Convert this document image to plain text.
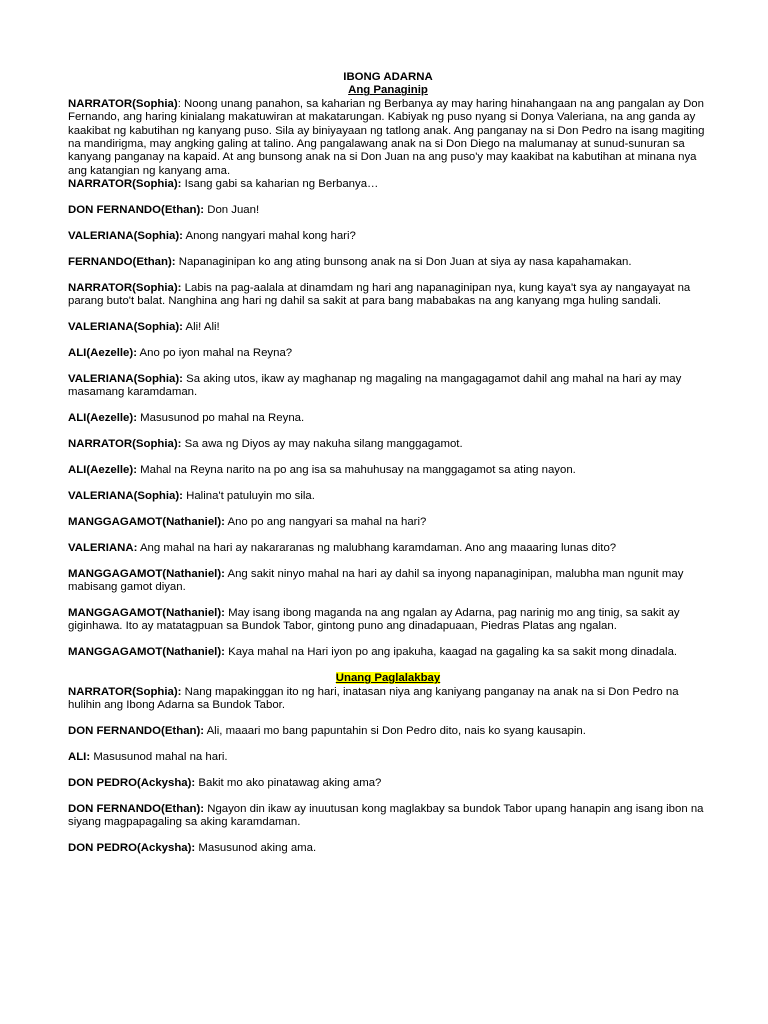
IBONG ADARNA
Ang Panaginip

NARRATOR(Sophia): Noong unang panahon, sa kaharian ng Berbanya ay may haring hinahangaan na ang pangalan ay Don Fernando, ang haring kinialang makatuwiran at makatarungan. Kabiyak ng puso nyang si Donya Valeriana, na ang ganda ay kaakibat ng kabutihan ng kanyang puso. Sila ay biniyayaan ng tatlong anak. Ang panganay na si Don Pedro na isang magiting na mandirigma, may angking galing at talino. Ang pangalawang anak na si Don Diego na malumanay at sunud-sunuran sa kanyang panganay na kapaid. At ang bunsong anak na si Don Juan na ang puso'y may kaakibat na kabutihan at minana nya ang katangian ng kanyang ama.

NARRATOR(Sophia): Isang gabi sa kaharian ng Berbanya…

DON FERNANDO(Ethan): Don Juan!

VALERIANA(Sophia): Anong nangyari mahal kong hari?

FERNANDO(Ethan): Napanaginipan ko ang ating bunsong anak na si Don Juan at siya ay nasa kapahamakan.

NARRATOR(Sophia): Labis na pag-aalala at dinamdam ng hari ang napanaginipan nya, kung kaya't sya ay nangayayat na

parang buto't balat. Nanghina ang hari ng dahil sa sakit at para bang mababakas na ang kanyang mga huling sandali.

VALERIANA(Sophia): Ali! Ali!

ALI(Aezelle): Ano po iyon mahal na Reyna?

VALERIANA(Sophia): Sa aking utos, ikaw ay maghanap ng magaling na mangagagamot dahil ang mahal na hari ay may masamang karamdaman.

ALI(Aezelle): Masusunod po mahal na Reyna.

NARRATOR(Sophia): Sa awa ng Diyos ay may nakuha silang manggagamot.

ALI(Aezelle): Mahal na Reyna narito na po ang isa sa mahuhusay na manggagamot sa ating nayon.

VALERIANA(Sophia): Halina't patuluyin mo sila.

MANGGAGAMOT(Nathaniel): Ano po ang nangyari sa mahal na hari?

VALERIANA: Ang mahal na hari ay nakararanas ng malubhang karamdaman. Ano ang maaaring lunas dito?

MANGGAGAMOT(Nathaniel): Ang sakit ninyo mahal na hari ay dahil sa inyong napanaginipan, malubha man ngunit may mabisang gamot diyan.

MANGGAGAMOT(Nathaniel): May isang ibong maganda na ang ngalan ay Adarna, pag narinig mo ang tinig, sa sakit ay giginhawa. Ito ay matatagpuan sa Bundok Tabor, gintong puno ang dinadapuaan, Piedras Platas ang ngalan.

MANGGAGAMOT(Nathaniel): Kaya mahal na Hari iyon po ang ipakuha, kaagad na gagaling ka sa sakit mong dinadala.

Unang Paglalakbay

NARRATOR(Sophia): Nang mapakinggan ito ng hari, inatasan niya ang kaniyang panganay na anak na si Don Pedro na hulihin ang Ibong Adarna sa Bundok Tabor.

DON FERNANDO(Ethan): Ali, maaari mo bang papuntahin si Don Pedro dito, nais ko syang kausapin.

ALI: Masusunod mahal na hari.

DON PEDRO(Ackysha): Bakit mo ako pinatawag aking ama?

DON FERNANDO(Ethan): Ngayon din ikaw ay inuutusan kong maglakbay sa bundok Tabor upang hanapin ang isang ibon na siyang magpapagaling sa aking karamdaman.

DON PEDRO(Ackysha): Masusunod aking ama.
